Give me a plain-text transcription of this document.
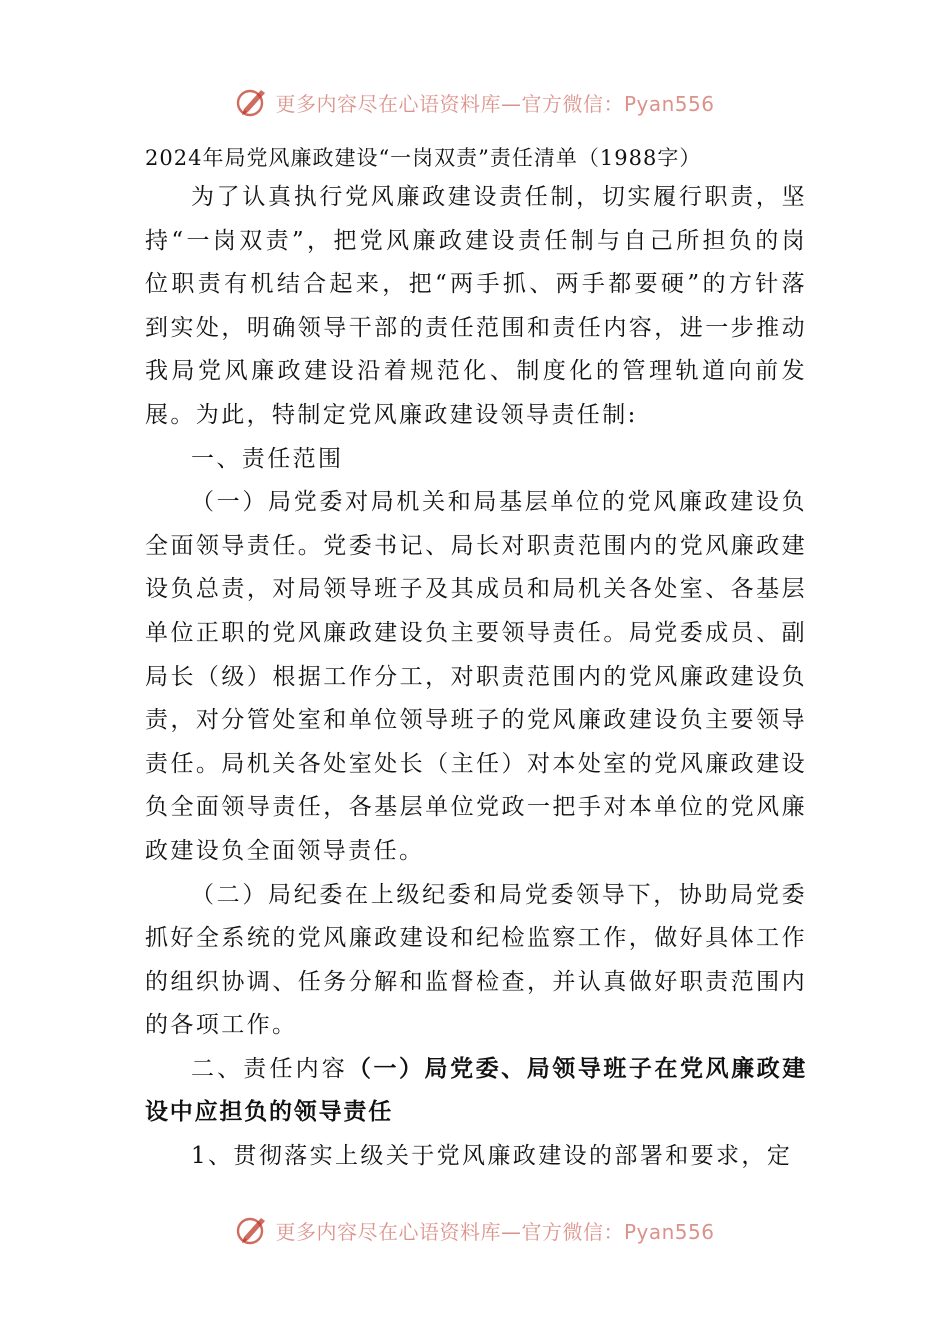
更多内容尽在心语资料库—官方微信：Pyan556

2024年局党风廉政建设“一岗双责”责任清单（1988字）

为了认真执行党风廉政建设责任制，切实履行职责，坚持“一岗双责”，把党风廉政建设责任制与自己所担负的岗位职责有机结合起来，把“两手抓、两手都要硬”的方针落到实处，明确领导干部的责任范围和责任内容，进一步推动我局党风廉政建设沿着规范化、制度化的管理轨道向前发展。为此，特制定党风廉政建设领导责任制:

一、责任范围

（一）局党委对局机关和局基层单位的党风廉政建设负全面领导责任。党委书记、局长对职责范围内的党风廉政建设负总责，对局领导班子及其成员和局机关各处室、各基层单位正职的党风廉政建设负主要领导责任。局党委成员、副局长（级）根据工作分工，对职责范围内的党风廉政建设负责，对分管处室和单位领导班子的党风廉政建设负主要领导责任。局机关各处室处长（主任）对本处室的党风廉政建设负全面领导责任，各基层单位党政一把手对本单位的党风廉政建设负全面领导责任。

（二）局纪委在上级纪委和局党委领导下，协助局党委抓好全系统的党风廉政建设和纪检监察工作，做好具体工作的组织协调、任务分解和监督检查，并认真做好职责范围内的各项工作。

二、责任内容（一）局党委、局领导班子在党风廉政建设中应担负的领导责任

1、贯彻落实上级关于党风廉政建设的部署和要求，定

更多内容尽在心语资料库—官方微信：Pyan556
